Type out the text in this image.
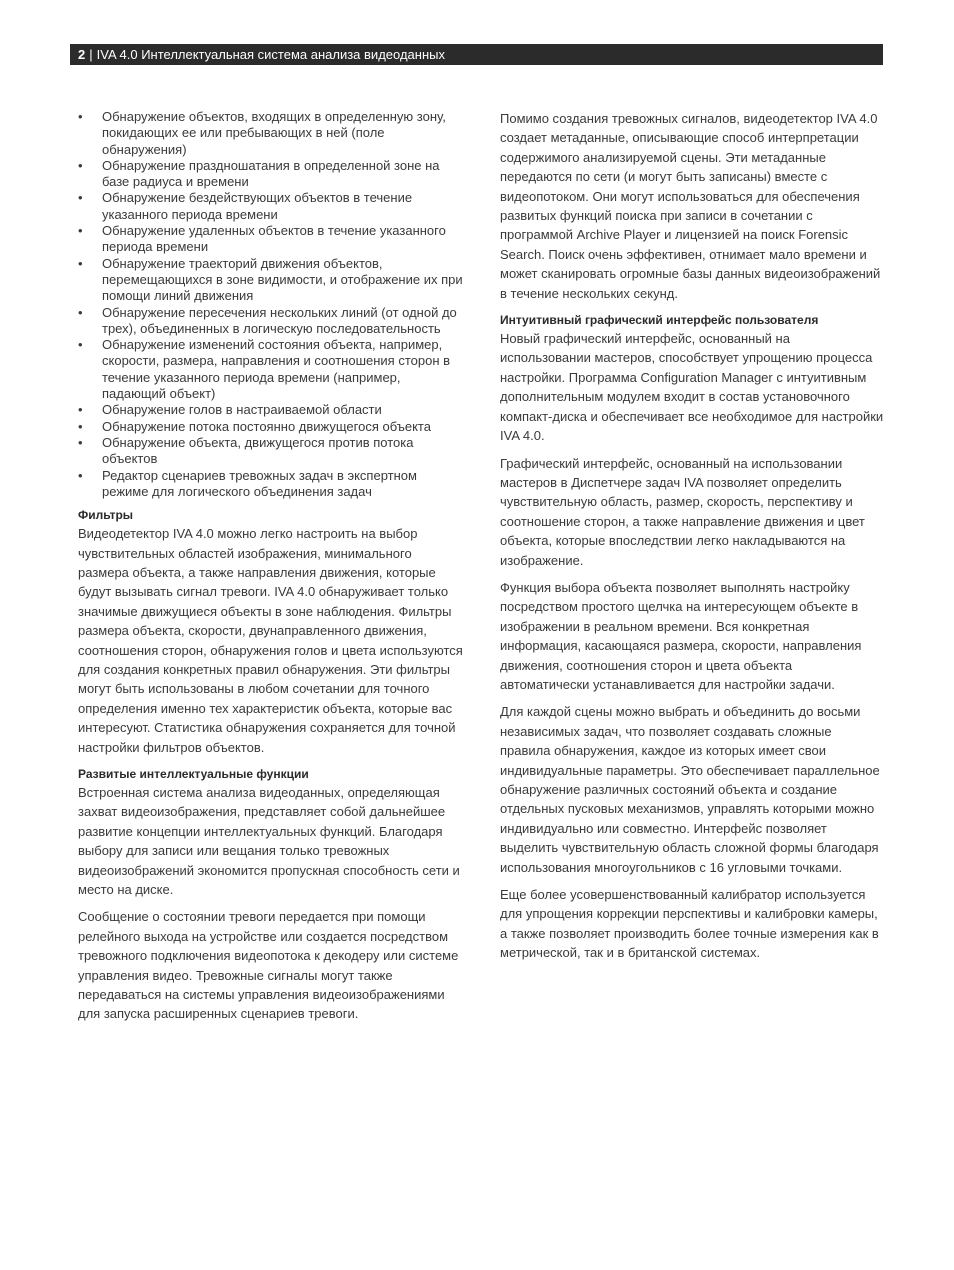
2 | IVA 4.0 Интеллектуальная система анализа видеоданных
• Обнаружение объектов, входящих в определенную зону, покидающих ее или пребывающих в ней (поле обнаружения)
• Обнаружение праздношатания в определенной зоне на базе радиуса и времени
• Обнаружение бездействующих объектов в течение указанного периода времени
• Обнаружение удаленных объектов в течение указанного периода времени
• Обнаружение траекторий движения объектов, перемещающихся в зоне видимости, и отображение их при помощи линий движения
• Обнаружение пересечения нескольких линий (от одной до трех), объединенных в логическую последовательность
• Обнаружение изменений состояния объекта, например, скорости, размера, направления и соотношения сторон в течение указанного периода времени (например, падающий объект)
• Обнаружение голов в настраиваемой области
• Обнаружение потока постоянно движущегося объекта
• Обнаружение объекта, движущегося против потока объектов
• Редактор сценариев тревожных задач в экспертном режиме для логического объединения задач
Фильтры

Видеодетектор IVA 4.0 можно легко настроить на выбор чувствительных областей изображения, минимального размера объекта, а также направления движения, которые будут вызывать сигнал тревоги. IVA 4.0 обнаруживает только значимые движущиеся объекты в зоне наблюдения. Фильтры размера объекта, скорости, двунаправленного движения, соотношения сторон, обнаружения голов и цвета используются для создания конкретных правил обнаружения. Эти фильтры могут быть использованы в любом сочетании для точного определения именно тех характеристик объекта, которые вас интересуют. Статистика обнаружения сохраняется для точной настройки фильтров объектов.

Развитые интеллектуальные функции

Встроенная система анализа видеоданных, определяющая захват видеоизображения, представляет собой дальнейшее развитие концепции интеллектуальных функций. Благодаря выбору для записи или вещания только тревожных видеоизображений экономится пропускная способность сети и место на диске.

Сообщение о состоянии тревоги передается при помощи релейного выхода на устройстве или создается посредством тревожного подключения видеопотока к декодеру или системе управления видео. Тревожные сигналы могут также передаваться на системы управления видеоизображениями для запуска расширенных сценариев тревоги.

Помимо создания тревожных сигналов, видеодетектор IVA 4.0 создает метаданные, описывающие способ интерпретации содержимого анализируемой сцены. Эти метаданные передаются по сети (и могут быть записаны) вместе с видеопотоком. Они могут использоваться для обеспечения развитых функций поиска при записи в сочетании с программой Archive Player и лицензией на поиск Forensic Search. Поиск очень эффективен, отнимает мало времени и может сканировать огромные базы данных видеоизображений в течение нескольких секунд.

Интуитивный графический интерфейс пользователя

Новый графический интерфейс, основанный на использовании мастеров, способствует упрощению процесса настройки. Программа Configuration Manager с интуитивным дополнительным модулем входит в состав установочного компакт-диска и обеспечивает все необходимое для настройки IVA 4.0.

Графический интерфейс, основанный на использовании мастеров в Диспетчере задач IVA позволяет определить чувствительную область, размер, скорость, перспективу и соотношение сторон, а также направление движения и цвет объекта, которые впоследствии легко накладываются на изображение.

Функция выбора объекта позволяет выполнять настройку посредством простого щелчка на интересующем объекте в изображении в реальном времени. Вся конкретная информация, касающаяся размера, скорости, направления движения, соотношения сторон и цвета объекта автоматически устанавливается для настройки задачи.

Для каждой сцены можно выбрать и объединить до восьми независимых задач, что позволяет создавать сложные правила обнаружения, каждое из которых имеет свои индивидуальные параметры. Это обеспечивает параллельное обнаружение различных состояний объекта и создание отдельных пусковых механизмов, управлять которыми можно индивидуально или совместно. Интерфейс позволяет выделить чувствительную область сложной формы благодаря использования многоугольников с 16 угловыми точками.

Еще более усовершенствованный калибратор используется для упрощения коррекции перспективы и калибровки камеры, а также позволяет производить более точные измерения как в метрической, так и в британской системах.
